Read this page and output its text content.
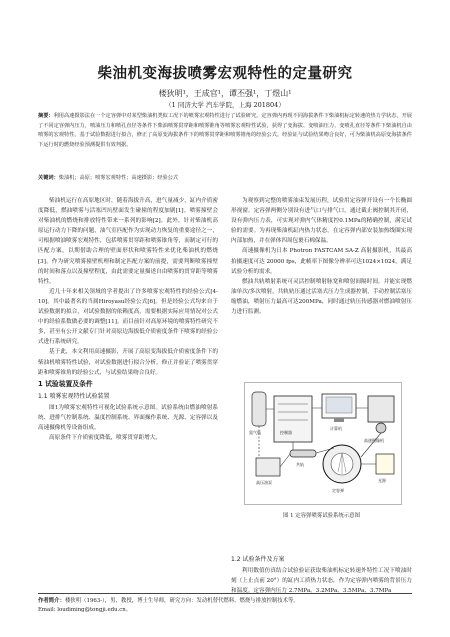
柴油机变海拔喷雾宏观特性的定量研究
楼狄明¹，王成官¹，谭丕强¹，丁煜山¹
（1 同济大学 汽车学院，上海 201804）
摘要：利用高速摄影法在一个定容弹中对某型柴油机类似工况下的喷雾宏观特性进行了试验研究。定容弹内再现不同海拔条件下柴油机标定转速的热力学状态，开展了不同定容弹内压力，喷油压力和喷孔直径等条件下柴油喷雾贯穿距和喷雾锥角等喷雾宏观特性试验，获得了变海拔、变喷油压力、变喷孔直径等条件下柴油机自由喷雾的宏观特性。基于试验数据进行拟合，修正了高原变海拔条件下的喷雾贯穿距和喷雾锥角的经验公式。经验证与试验结果吻合良好，可为柴油机高原变海拔条件下运行时的燃烧经验预测提供有效判据。
关键词：柴油机；高原；喷雾宏观特性；高速摄影；经验公式

柴油机运行在高原地区时，随着海拔升高，进气量减少，缸内介质密度降低，燃油喷雾与活塞凹坑壁面发生碰撞的程度加剧[1]。喷雾撞壁会对柴油机的燃烧和排放特性带来一系列的影响[2]。此外，针对柴油机高原运行动力下降的问题，油气室匹配作为实现动力恢复的重要途径之一，可根据喷油喷雾宏观特性，包括喷雾贯穿距和喷雾锥角等，而制定可行的匹配方案，以期借助合理的壁面形状和喷雾特性来优化柴油机的燃烧[3]。作为研究喷雾撞壁机理和制定匹配方案的前提，需要判断喷雾撞壁的时间和落点以及撞壁程度，由此需要定量描述自由喷雾的贯穿距等喷雾特性。

近几十年来相关领域的学者提出了许多喷雾宏观特性的经验公式[4-10]。其中最著名的当属Hiroyasu经验公式[6]。但是经验公式均来自于试验数据的拟合，对试验数据的依赖度高，需要根据实际应用情况对公式中的经验系数做必要的调整[11]。而目前针对高原环境的喷雾特性研究不多，甚至有公开文献专门针对高原边海拔低介质密度条件下喷雾的经验公式进行系统研究。

基于此，本文利用高速摄影，开展了高原变海拔低介质密度条件下的柴油机喷雾特性试验，对试验数据进行拟合分析，修正并验证了喷雾贯穿距和喷雾锥角的经验公式，与试验结果吻合良好。

1 试验装置及条件

1.1 喷雾宏观特性试验装置

图1为喷雾宏观特性可视化试验系统示意图。试验系统由燃油喷射系统、进排气控制系统、温度控制系统、界面操作系统、光源、定容弹以及高速摄像机等设备组成。

高原条件下介质密度降低，喷雾贯穿距增大，

为观察到完整的喷雾油束发展历程，试验用定容弹开设有一个长椭圆形视窗。定容弹两侧分别设有进气口与排气口，通过截止阀控制其开闭，设有弹内压力表，可实现对弹内气体精度控0.1MPa的精确控制，满足试验的需要。为再现柴油机缸内热力状态，在定容弹内部安装加热线圈实现内部加热，并在弹体四周包裹石棉保温。

高速摄像机为日本 Photron FASTCAM SA-Z 高射摄影机，其最高拍摄速度可达 20000 fps，此帧率下图像分辨率可达1024×1024，满足试验分析的需求。

燃油共轨喷射系统可灵活控制喷射脉宽和喷射间隔时间，并能实现燃油单次/多次喷射，共轨轨压通过活塞式压力生成器控制，手动控制活塞压缩燃油，喷射压力最高可达200MPa，同时通过轨压传感器对燃油喷射压力进行监测。

氮气瓶	控制器
计算机
高速摄像机
定容弹
光源
高压油泵
共轨
图 1 定容弹喷雾试验系统示意图

1.2 试验条件及方案

利用数值仿真结合试验验证获取柴油机标定转速外特性工况下喷油时刻（上止点前 20°）的缸内工质热力状态，作为定容弹内喷雾的背景压力和温度。定容弹内压力 2.7MPa、3.2MPa、3.5MPa、3.7MPa

作者简介：楼狄明（1963-），男，教授，博士生导师，研究方向：发动机替代燃料、燃烧与排放控制技术等。
Email: loudiming@tongji.edu.cn。
